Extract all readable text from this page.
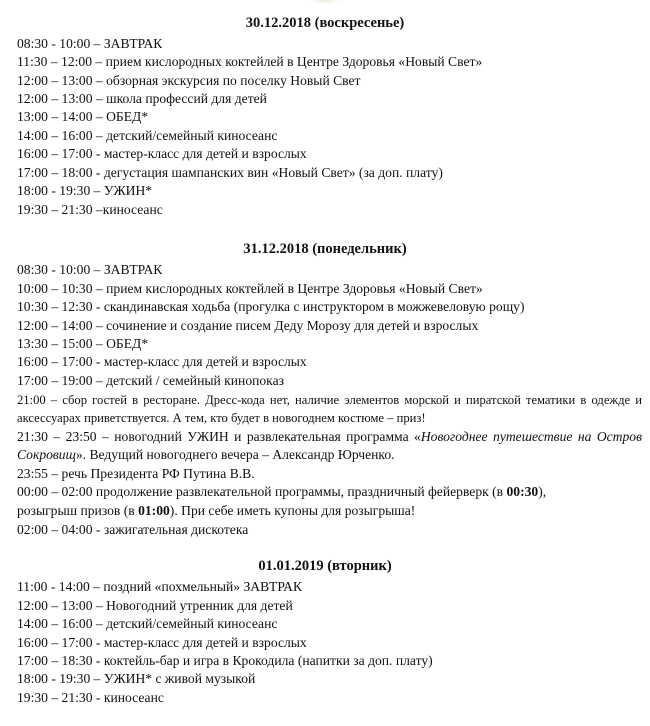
30.12.2018 (воскресенье)
08:30 - 10:00 – ЗАВТРАК
11:30 – 12:00 – прием кислородных коктейлей в Центре Здоровья «Новый Свет»
12:00 – 13:00 – обзорная экскурсия по поселку Новый Свет
12:00 – 13:00 – школа профессий для детей
13:00 – 14:00 – ОБЕД*
14:00 – 16:00 – детский/семейный киносеанс
16:00 – 17:00 - мастер-класс для детей и взрослых
17:00 – 18:00 - дегустация шампанских вин «Новый Свет» (за доп. плату)
18:00 - 19:30 – УЖИН*
19:30 – 21:30 –киносеанс
31.12.2018 (понедельник)
08:30 - 10:00 – ЗАВТРАК
10:00 – 10:30 – прием кислородных коктейлей в Центре Здоровья «Новый Свет»
10:30 – 12:30 - скандинавская ходьба (прогулка с инструктором в можжевеловую рощу)
12:00 – 14:00 – сочинение и создание писем Деду Морозу для детей и взрослых
13:30 – 15:00 – ОБЕД*
16:00 – 17:00 - мастер-класс для детей и взрослых
17:00 – 19:00 – детский / семейный кинопоказ
21:00 – сбор гостей в ресторане. Дресс-кода нет, наличие элементов морской и пиратской тематики в одежде и аксессуарах приветствуется. А тем, кто будет в новогоднем костюме – приз!
21:30 – 23:50 – новогодний УЖИН и развлекательная программа «Новогоднее путешествие на Остров Сокровищ». Ведущий новогоднего вечера – Александр Юрченко.
23:55 – речь Президента РФ Путина В.В.
00:00 – 02:00 продолжение развлекательной программы, праздничный фейерверк (в 00:30),
розыгрыш призов (в 01:00). При себе иметь купоны для розыгрыша!
02:00 – 04:00 - зажигательная дискотека
01.01.2019 (вторник)
11:00 - 14:00 – поздний «похмельный» ЗАВТРАК
12:00 – 13:00 – Новогодний утренник для детей
14:00 – 16:00 – детский/семейный киносеанс
16:00 – 17:00 - мастер-класс для детей и взрослых
17:00 – 18:30 - коктейль-бар и игра в Крокодила (напитки за доп. плату)
18:00 - 19:30 – УЖИН* с живой музыкой
19:30 – 21:30 - киносеанс
